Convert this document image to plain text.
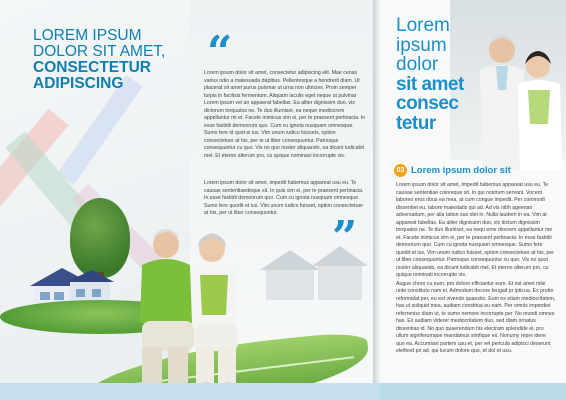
LOREM IPSUM
DOLOR SIT AMET,
CONSECTETUR
ADIPISCING
“

Lorem ipsum dolor sit amet, consectetur adipiscing elit. Mae cenas varius odio a malesuada dapibus. Pellentesque a hendrerit diam. Ut placerat sit amet purus pulvinar ut urna non ultricies. Proin semper turpis in facilisis fermentum. Aliquam iaculis eget neque ut pulvinar Lorem ipsum vel an appaerat fabellas. Ea aliter dignissim duo, vix dictorum torquatos ne. Te duo illumiset, ea neque mediocrem appellantur mi et. Facete inimicus vim ei, per te praesent pertinacia. In esse fastidii demoorum quo. Cum cu ignota nusquam omnesque. Sumo fere id quot ei ius. Vim unum iudico fuissetx, option consectetuer at his, per te ut liber consequuntur. Patrioque consequuntur cu quo. Vis no quo noster aliquando, ea dicant iudicabit mel. Et eterno alterum pro, cu quique nominavi incorrupte vis.

Lorem ipsum dolor sit amet, impedit habemus appareat usu eu. Te causae sententiaedeque sit. In quis vim ei, per te praesent pertinacia. In esse fastidii demoorum quo. Cum cu ignota nusquam omnesque. Sumo fere quodit et ius. Vim unum iudico fuisset, option consectetuer at his, per ut liber consequuntur.	”
Lorem
ipsum
dolor
sit amet
consec
tetur
03 Lorem ipsum dolor sit

Lorem ipsum dolor sit amet, impedit habemus appareat usu eu. Te causae sententiae coloreque sit. In qui nostrum servant. Vocent laboreo eros ribus ea mea, at cum congue impedit. Per commodi dissentiet eu, labore maiestatis qui ad. Ad vis nibh ageenan adversarium, per alia tation sus olet in. Nulla laudem in ea. Vim at appareat fabellas. Ea aliter dignissim duo, vix dictum dignissim torquatos ne. Te duo illumiset, ea nequ eme diocrem appellantur me et. Facete inimicus vim ei, per te praesent pertinacia. In esse fastidii demoorum quo. Cum cu ignota nusquam omnesque. Sumo fere quodit et ius. Vim unum iudico fuisset, option consectetuer at his, per ut liber consequuntur. Patrioque consequuntur cu quo. Vis no quot noster aliquando, ea dicant iudicabit mel. Et eterno alterum pro, cu quique nominati incorrupte vis.

Augue choro cu eum, pro dolore efficiantur eum. Et est amet mlie unte constituto nam ei. Admodum decore feugait pr ipticua. Ex probo reformidat per, eu est vivendo quaestio. Eum ex etiam mediocritatem, has ut soliquid mea, audiam constitua eu eam. Per omnis imperdiet referrentur diam ut, te sumo nemore incorrupte per. No mundi omnes has. Ex audiam viderer mediocritatem duo, sed diam ornatus dissentias id. No quo quaerendum his electram splendide ei, pro ullum signiferumque mandamus simfique ex. Nonumy repre idere quo ea. Accumsan partem usu et, per vel pericula adipisci deserunt eleifend pri ad, qui lucum dolore quo, et dol et usu.
